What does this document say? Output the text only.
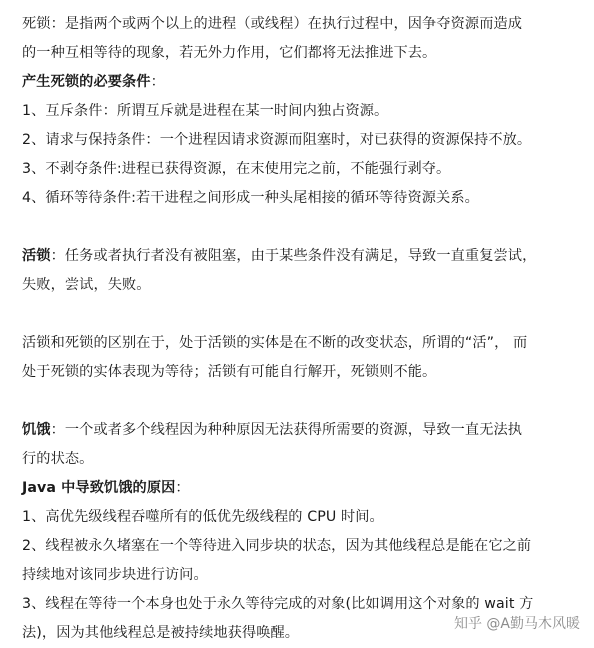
死锁：是指两个或两个以上的进程（或线程）在执行过程中，因争夺资源而造成
的一种互相等待的现象，若无外力作用，它们都将无法推进下去。
产生死锁的必要条件：
1、互斥条件：所谓互斥就是进程在某一时间内独占资源。
2、请求与保持条件：一个进程因请求资源而阻塞时，对已获得的资源保持不放。
3、不剥夺条件:进程已获得资源，在末使用完之前，不能强行剥夺。
4、循环等待条件:若干进程之间形成一种头尾相接的循环等待资源关系。
活锁：任务或者执行者没有被阻塞，由于某些条件没有满足，导致一直重复尝试，
失败，尝试，失败。
活锁和死锁的区别在于，处于活锁的实体是在不断的改变状态，所谓的“活”， 而
处于死锁的实体表现为等待；活锁有可能自行解开，死锁则不能。
饥饿：一个或者多个线程因为种种原因无法获得所需要的资源，导致一直无法执
行的状态。
Java 中导致饥饿的原因：
1、高优先级线程吞噬所有的低优先级线程的 CPU 时间。
2、线程被永久堵塞在一个等待进入同步块的状态，因为其他线程总是能在它之前
持续地对该同步块进行访问。
3、线程在等待一个本身也处于永久等待完成的对象(比如调用这个对象的 wait 方
法)，因为其他线程总是被持续地获得唤醒。
知乎 @A勤马木风暖
